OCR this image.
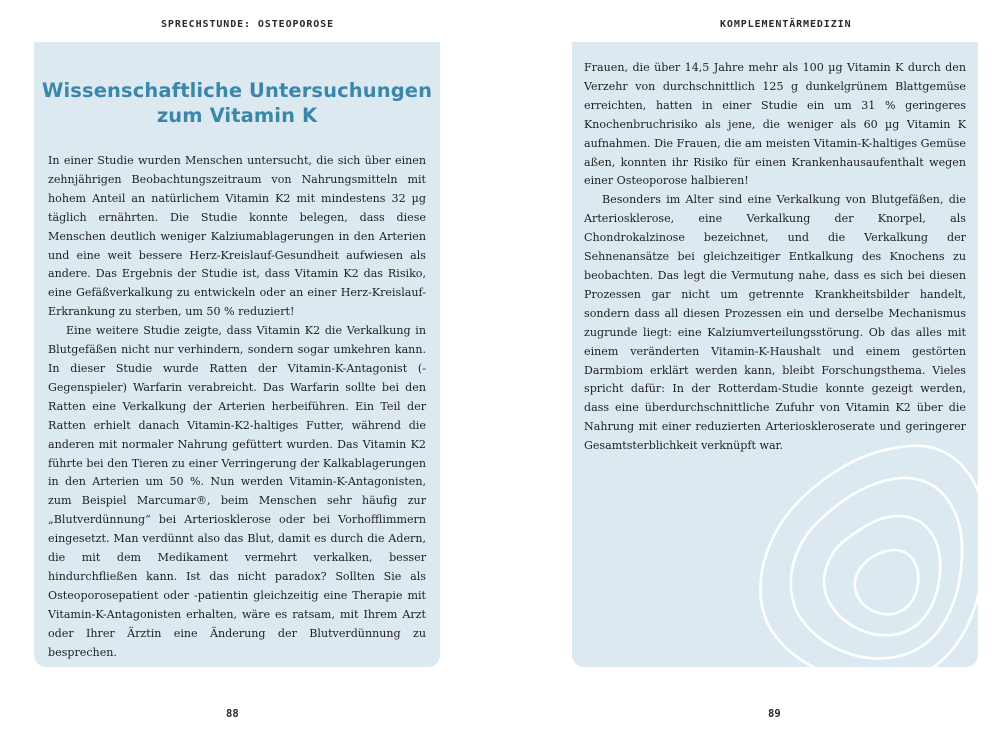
SPRECHSTUNDE: OSTEOPOROSE	KOMPLEMENTÄRMEDIZIN
Wissenschaftliche Untersuchungen
zum Vitamin K

In einer Studie wurden Menschen untersucht, die sich über einen zehnjährigen Beobachtungszeitraum von Nahrungsmitteln mit hohem Anteil an natürlichem Vitamin K2 mit mindestens 32 µg täglich ernährten. Die Studie konnte belegen, dass diese Menschen deutlich weniger Kalziumablagerungen in den Arterien und eine weit bessere Herz-Kreislauf-Gesundheit aufwiesen als andere. Das Ergebnis der Studie ist, dass Vitamin K2 das Risiko, eine Gefäßverkalkung zu entwickeln oder an einer Herz-Kreislauf-Erkrankung zu sterben, um 50 % reduziert!

Eine weitere Studie zeigte, dass Vitamin K2 die Verkalkung in Blutgefäßen nicht nur verhindern, sondern sogar umkehren kann. In dieser Studie wurde Ratten der Vitamin-K-Antagonist (-Gegenspieler) Warfarin verabreicht. Das Warfarin sollte bei den Ratten eine Verkalkung der Arterien herbeiführen. Ein Teil der Ratten erhielt danach Vitamin-K2-haltiges Futter, während die anderen mit normaler Nahrung gefüttert wurden. Das Vitamin K2 führte bei den Tieren zu einer Verringerung der Kalkablagerungen in den Arterien um 50 %. Nun werden Vitamin-K-Antagonisten, zum Beispiel Marcumar®, beim Menschen sehr häufig zur „Blutverdünnung“ bei Arteriosklerose oder bei Vorhofflimmern eingesetzt. Man verdünnt also das Blut, damit es durch die Adern, die mit dem Medikament vermehrt verkalken, besser hindurchfließen kann. Ist das nicht paradox? Sollten Sie als Osteoporosepatient oder -patientin gleichzeitig eine Therapie mit Vitamin-K-Antagonisten erhalten, wäre es ratsam, mit Ihrem Arzt oder Ihrer Ärztin eine Änderung der Blutverdünnung zu besprechen.

Frauen, die über 14,5 Jahre mehr als 100 µg Vitamin K durch den Verzehr von durchschnittlich 125 g dunkelgrünem Blattgemüse erreichten, hatten in einer Studie ein um 31 % geringeres Knochenbruchrisiko als jene, die weniger als 60 µg Vitamin K aufnahmen. Die Frauen, die am meisten Vitamin-K-haltiges Gemüse aßen, konnten ihr Risiko für einen Krankenhausaufenthalt wegen einer Osteoporose halbieren!

Besonders im Alter sind eine Verkalkung von Blutgefäßen, die Arteriosklerose, eine Verkalkung der Knorpel, als Chondrokalzinose bezeichnet, und die Verkalkung der Sehnenansätze bei gleichzeitiger Entkalkung des Knochens zu beobachten. Das legt die Vermutung nahe, dass es sich bei diesen Prozessen gar nicht um getrennte Krankheitsbilder handelt, sondern dass all diesen Prozessen ein und derselbe Mechanismus zugrunde liegt: eine Kalziumverteilungsstörung. Ob das alles mit einem veränderten Vitamin-K-Haushalt und einem gestörten Darmbiom erklärt werden kann, bleibt Forschungsthema. Vieles spricht dafür: In der Rotterdam-Studie konnte gezeigt werden, dass eine überdurchschnittliche Zufuhr von Vitamin K2 über die Nahrung mit einer reduzierten Arterioskleroserate und geringerer Gesamtsterblichkeit verknüpft war.

88	89
